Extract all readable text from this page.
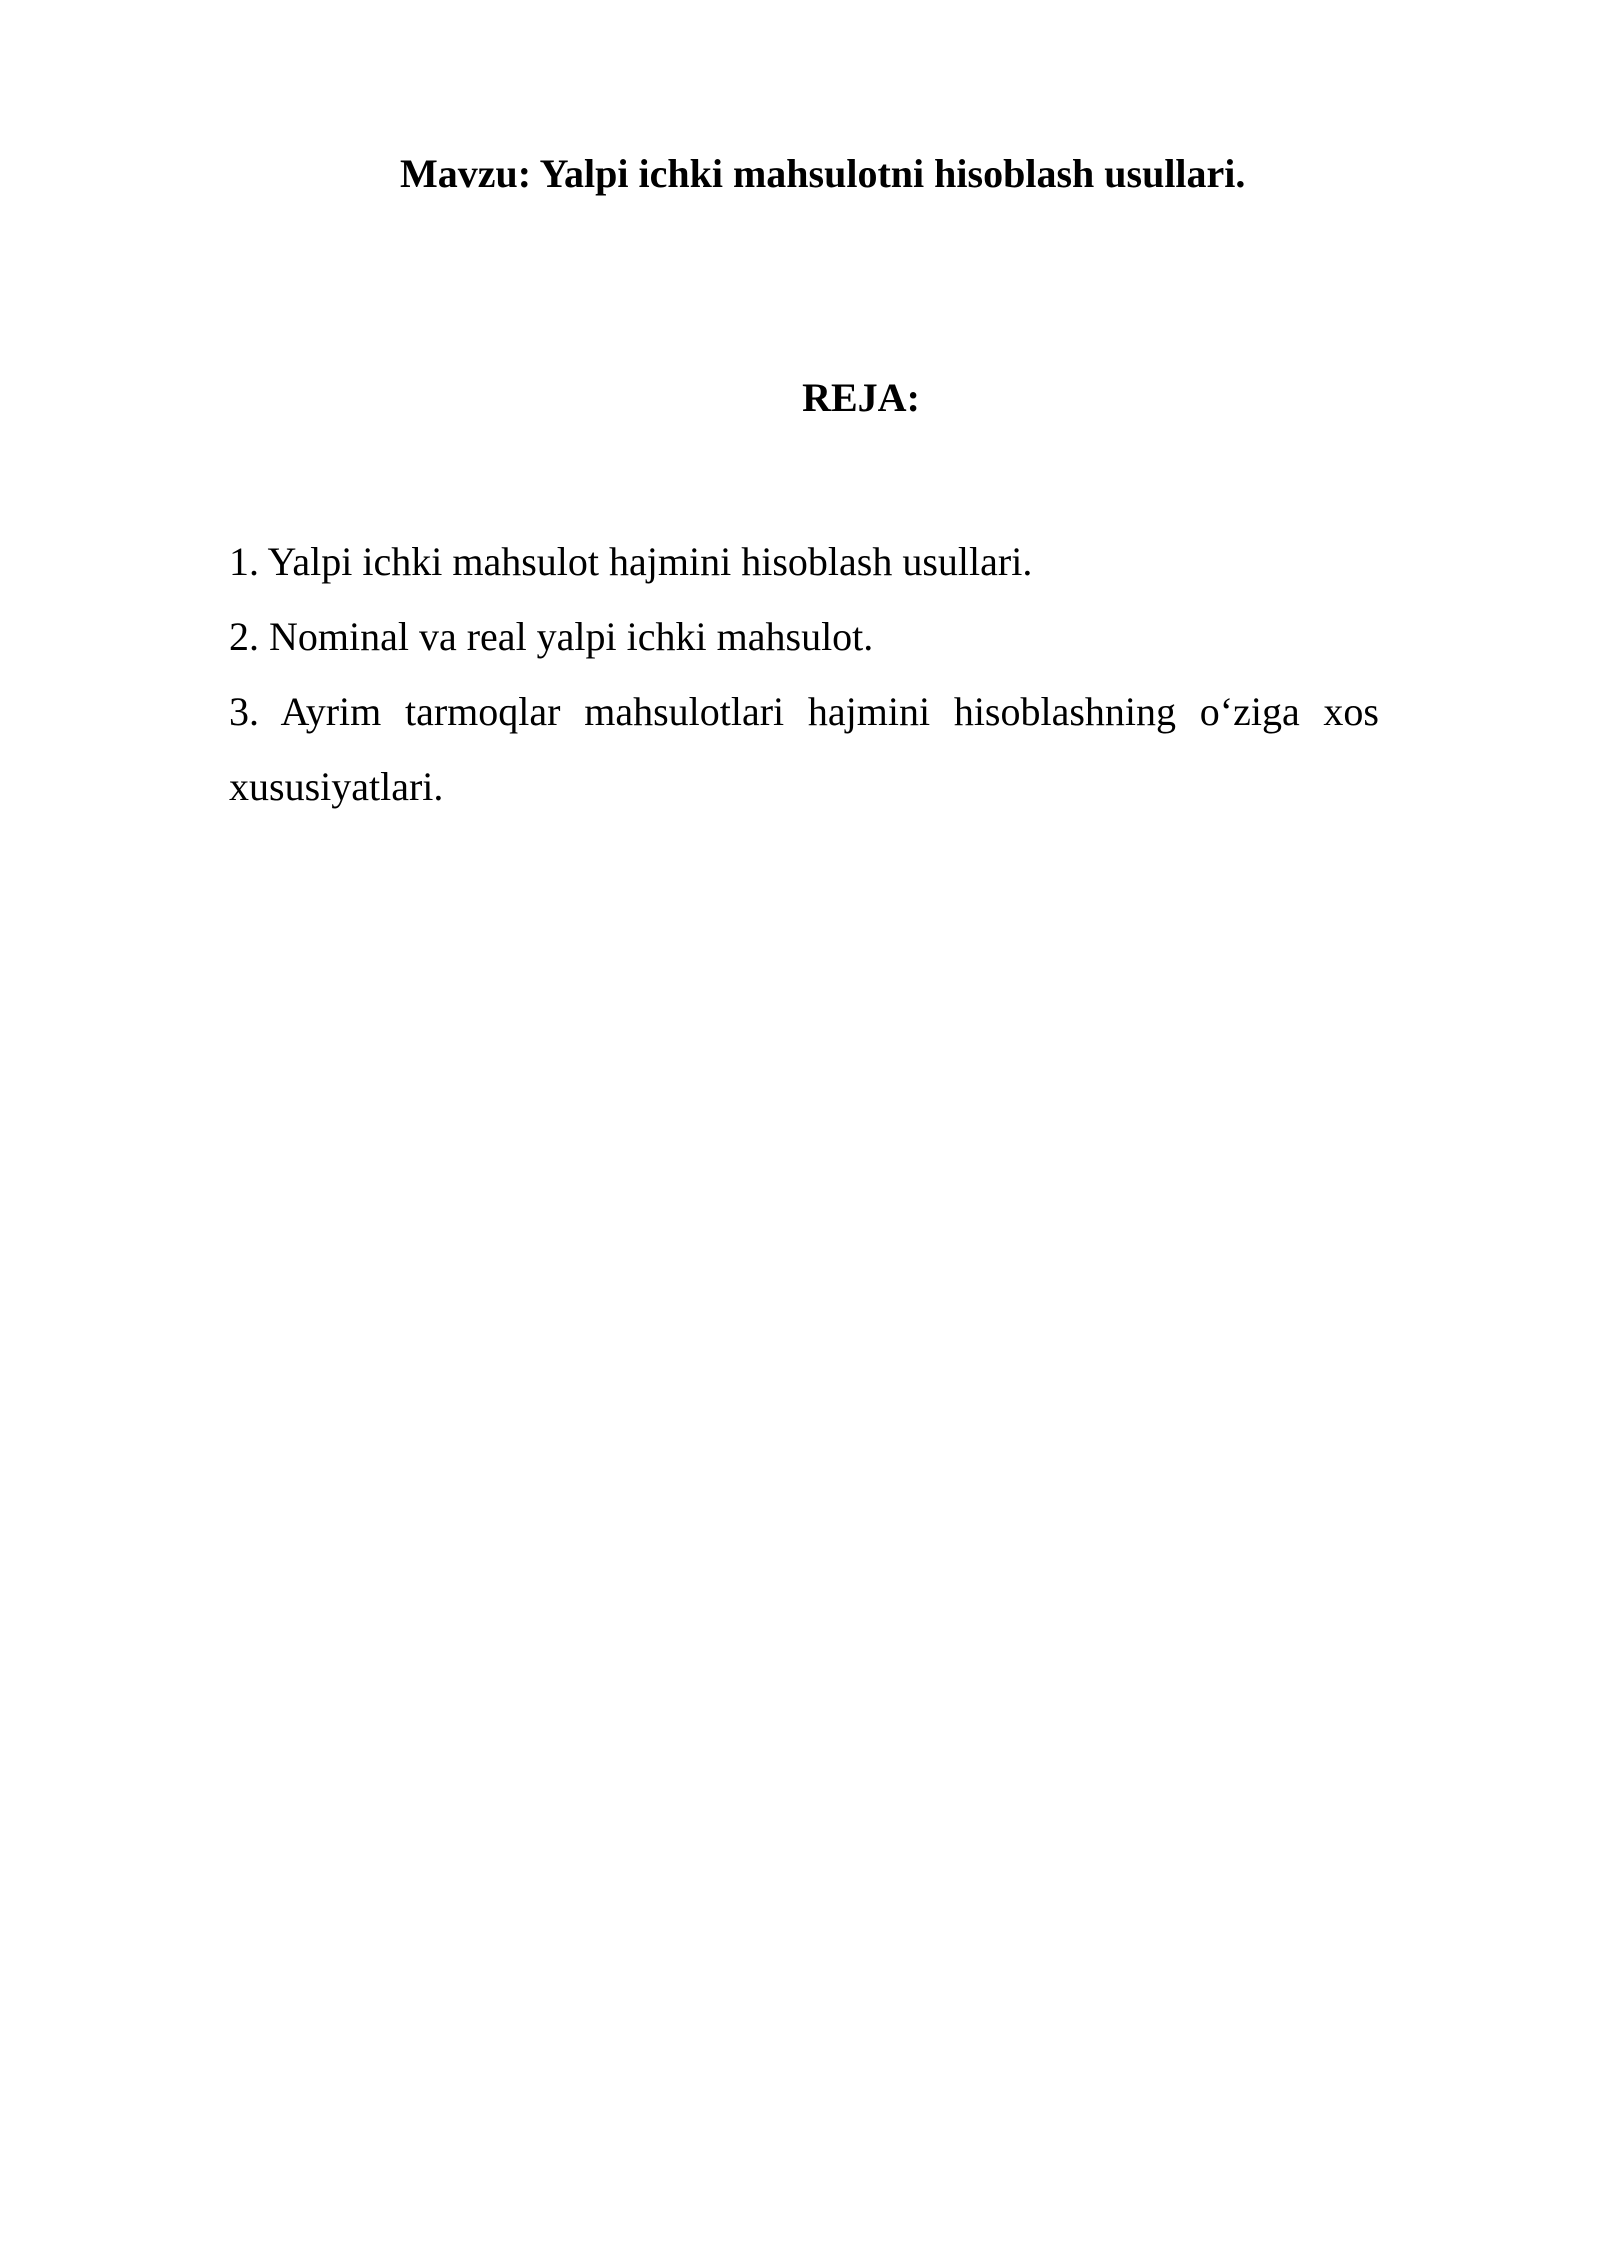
Mavzu: Yalpi ichki mahsulotni hisoblash usullari.
REJA:
1. Yalpi ichki mahsulot hajmini hisoblash usullari.
2. Nominal va real yalpi ichki mahsulot.
3. Ayrim tarmoqlar mahsulotlari hajmini hisoblashning o‘ziga xos xususiyatlari.
